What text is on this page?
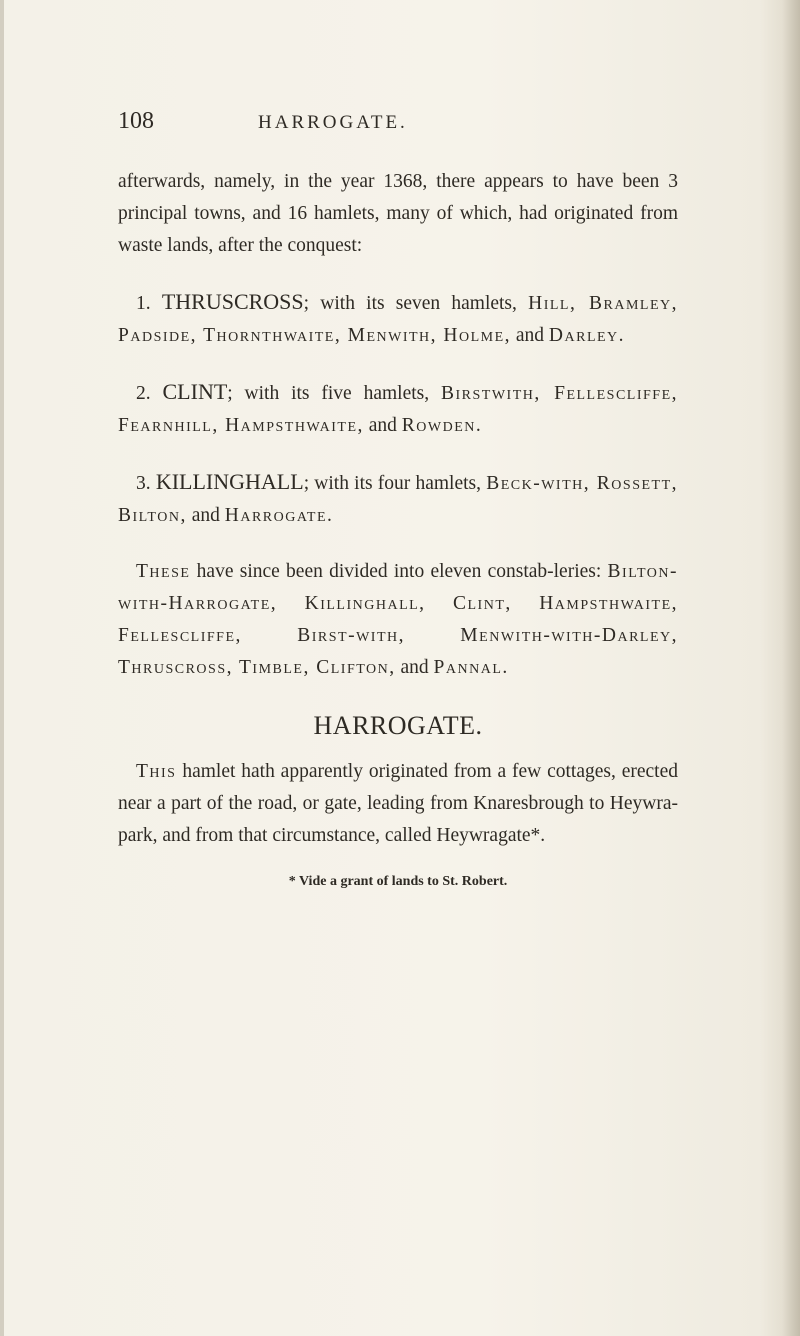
108	HARROGATE.

afterwards, namely, in the year 1368, there appears to have been 3 principal towns, and 16 hamlets, many of which, had originated from waste lands, after the conquest:

1. THRUSCROSS; with its seven hamlets, Hill, Bramley, Padside, Thornthwaite, Menwith, Holme, and Darley.

2. CLINT; with its five hamlets, Birstwith, Fellescliffe, Fearnhill, Hampsthwaite, and Rowden.

3. KILLINGHALL; with its four hamlets, Beck-with, Rossett, Bilton, and Harrogate.

These have since been divided into eleven constab-leries: Bilton-with-Harrogate, Killinghall, Clint, Hampsthwaite, Fellescliffe, Birst-with, Menwith-with-Darley, Thruscross, Timble, Clifton, and Pannal.

HARROGATE.

This hamlet hath apparently originated from a few cottages, erected near a part of the road, or gate, leading from Knaresbrough to Heywra-park, and from that circumstance, called Heywragate*.

* Vide a grant of lands to St. Robert.
